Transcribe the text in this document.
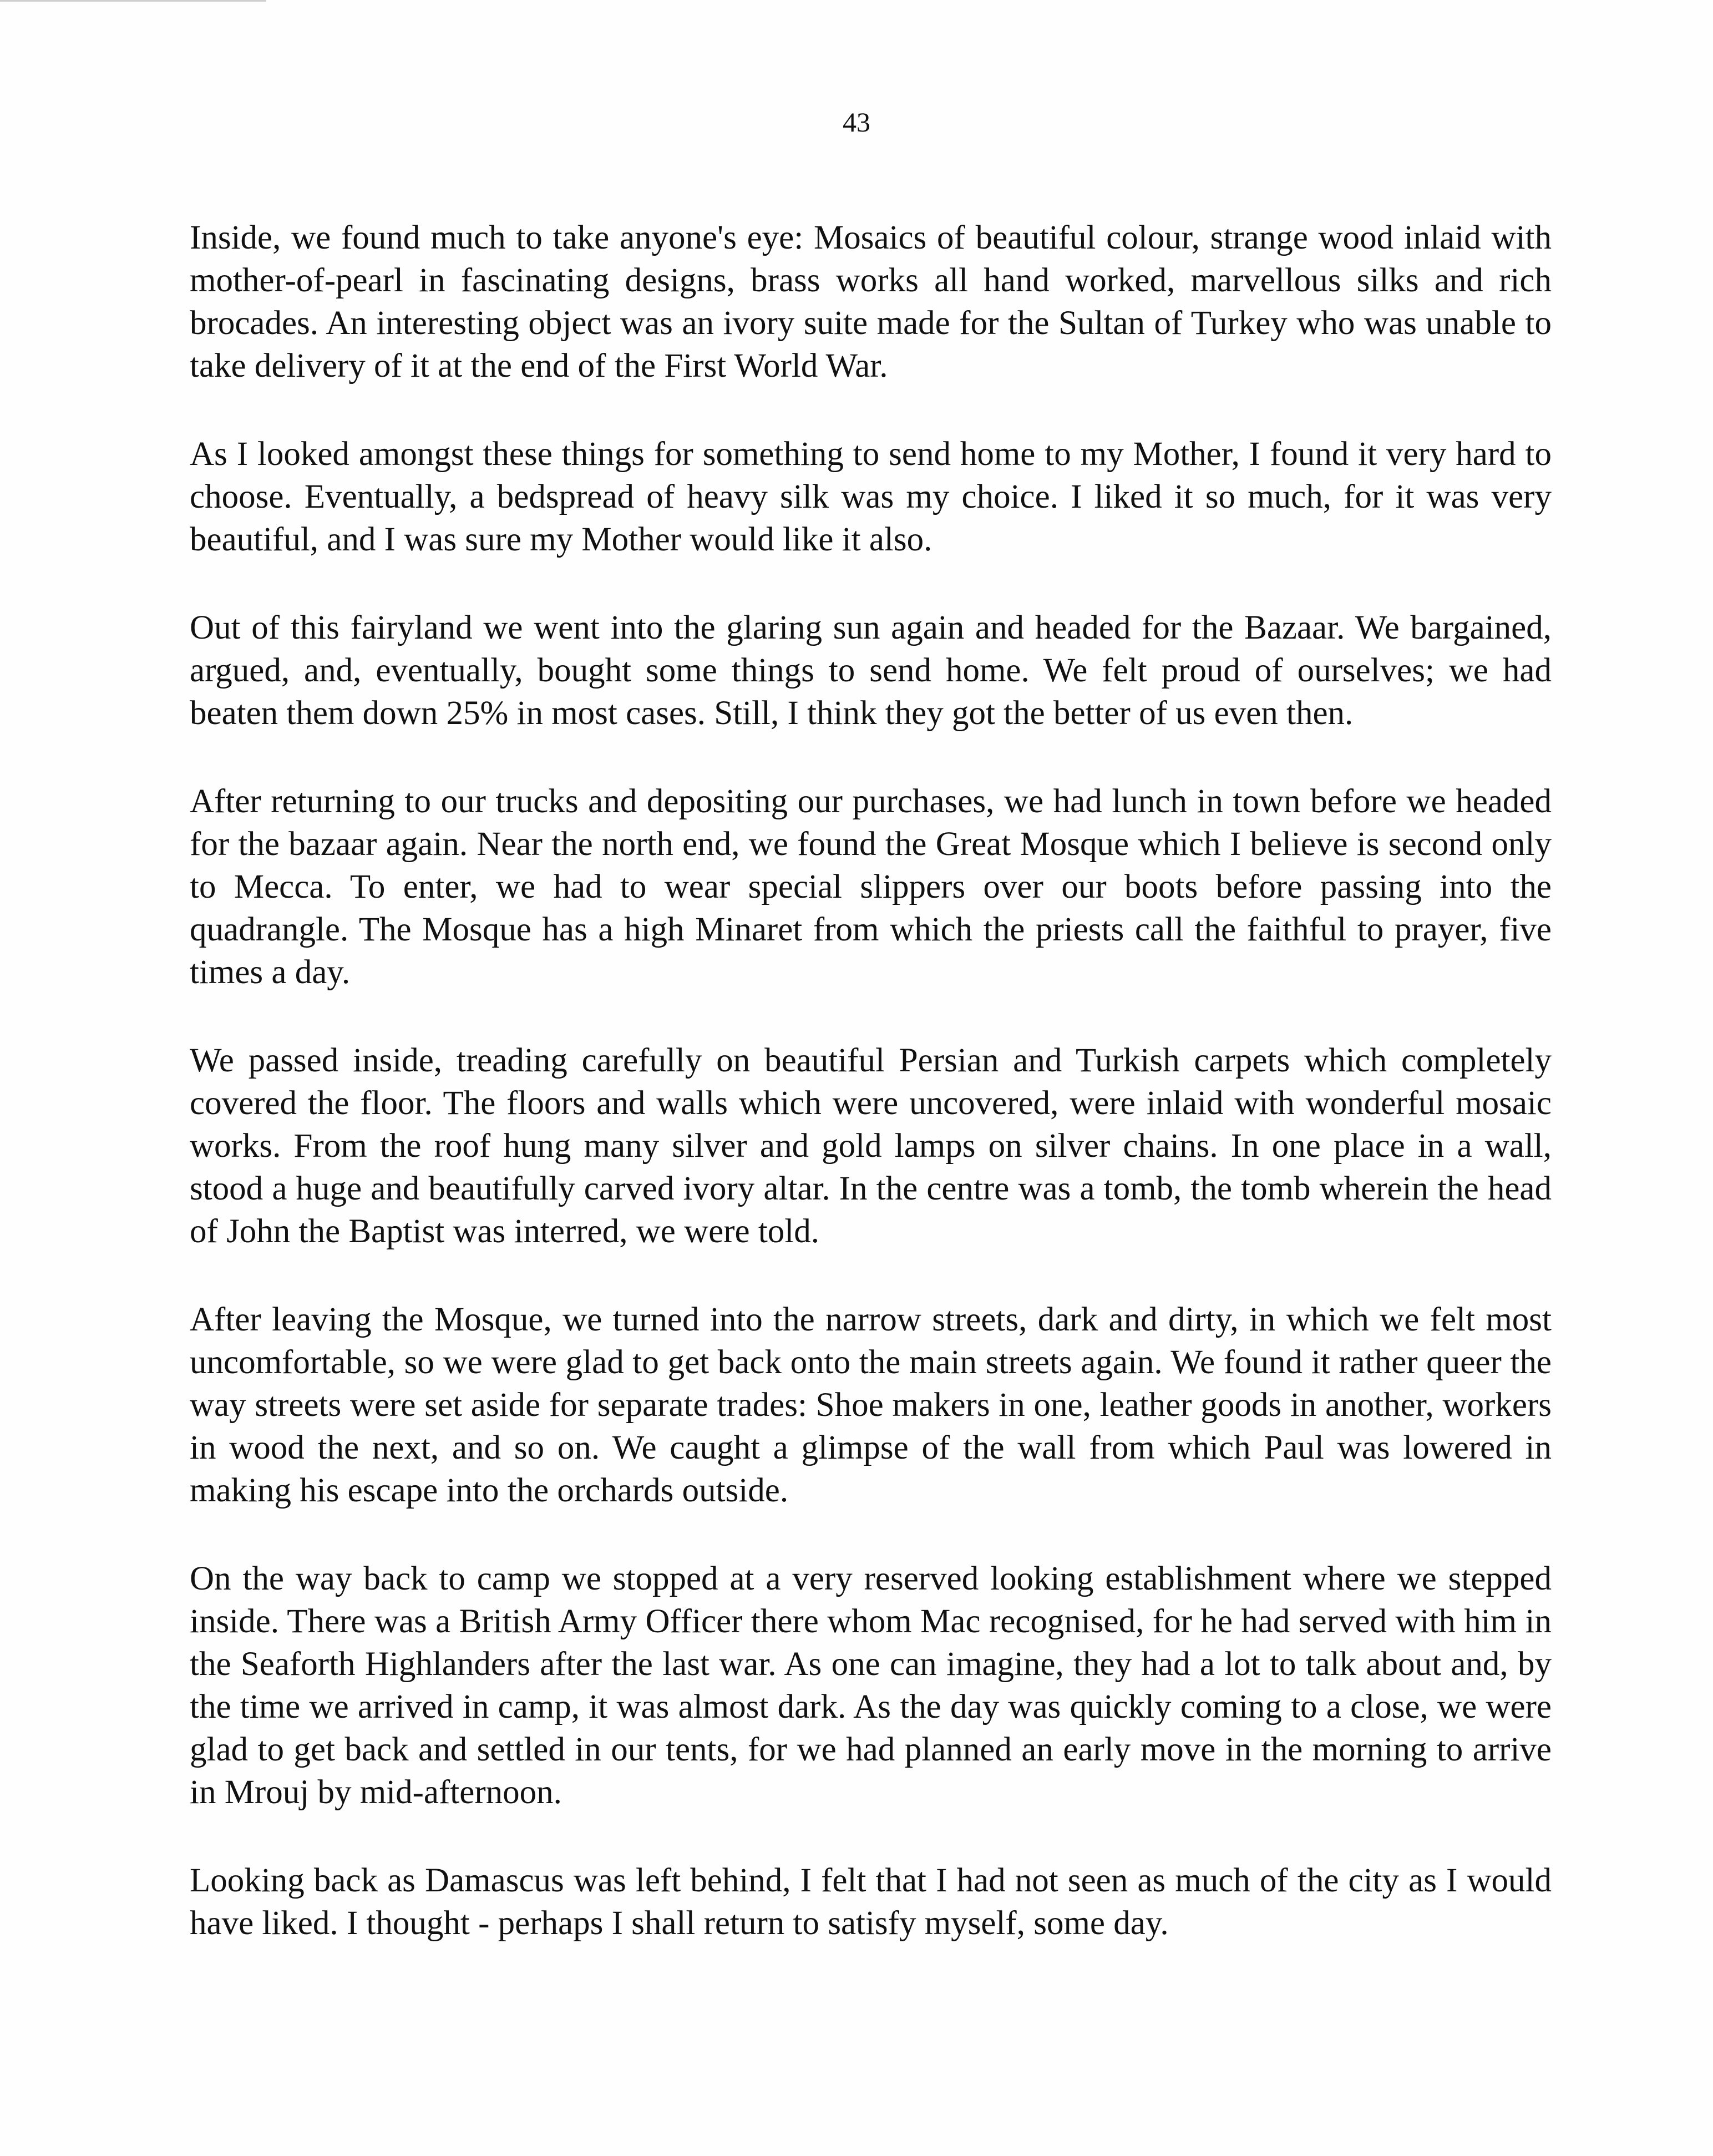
43

Inside, we found much to take anyone's eye: Mosaics of beautiful colour, strange wood inlaid with mother-of-pearl in fascinating designs, brass works all hand worked, marvellous silks and rich brocades. An interesting object was an ivory suite made for the Sultan of Turkey who was unable to take delivery of it at the end of the First World War.

As I looked amongst these things for something to send home to my Mother, I found it very hard to choose. Eventually, a bedspread of heavy silk was my choice. I liked it so much, for it was very beautiful, and I was sure my Mother would like it also.

Out of this fairyland we went into the glaring sun again and headed for the Bazaar. We bargained, argued, and, eventually, bought some things to send home. We felt proud of ourselves; we had beaten them down 25% in most cases. Still, I think they got the better of us even then.

After returning to our trucks and depositing our purchases, we had lunch in town before we headed for the bazaar again. Near the north end, we found the Great Mosque which I believe is second only to Mecca. To enter, we had to wear special slippers over our boots before passing into the quadrangle. The Mosque has a high Minaret from which the priests call the faithful to prayer, five times a day.

We passed inside, treading carefully on beautiful Persian and Turkish carpets which completely covered the floor. The floors and walls which were uncovered, were inlaid with wonderful mosaic works. From the roof hung many silver and gold lamps on silver chains. In one place in a wall, stood a huge and beautifully carved ivory altar. In the centre was a tomb, the tomb wherein the head of John the Baptist was interred, we were told.

After leaving the Mosque, we turned into the narrow streets, dark and dirty, in which we felt most uncomfortable, so we were glad to get back onto the main streets again. We found it rather queer the way streets were set aside for separate trades: Shoe makers in one, leather goods in another, workers in wood the next, and so on. We caught a glimpse of the wall from which Paul was lowered in making his escape into the orchards outside.

On the way back to camp we stopped at a very reserved looking establishment where we stepped inside. There was a British Army Officer there whom Mac recognised, for he had served with him in the Seaforth Highlanders after the last war. As one can imagine, they had a lot to talk about and, by the time we arrived in camp, it was almost dark. As the day was quickly coming to a close, we were glad to get back and settled in our tents, for we had planned an early move in the morning to arrive in Mrouj by mid-afternoon.

Looking back as Damascus was left behind, I felt that I had not seen as much of the city as I would have liked. I thought - perhaps I shall return to satisfy myself, some day.
